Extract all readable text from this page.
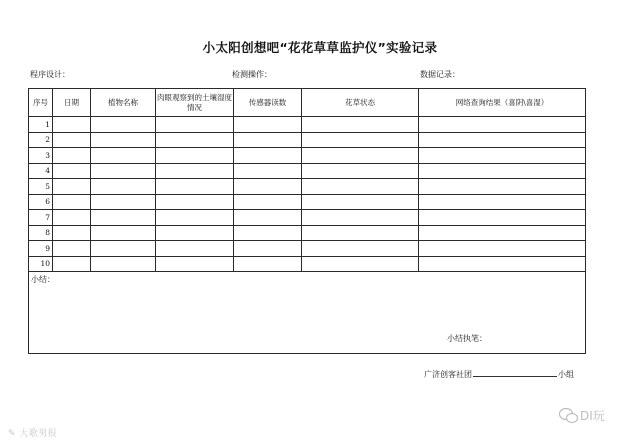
小太阳创想吧“花花草草监护仪”实验记录
程序设计：	检测操作：	数据记录：
序号	日期	植物名称	肉眼观察到的土壤湿度情况	传感器读数	花草状态	网络查询结果（喜阴\喜湿）
1						
2						
3						
4						
5						
6						
7						
8						
9						
10						
小结：
小结执笔：
广济创客社团	小组
✎ 大歌男报
DI玩
